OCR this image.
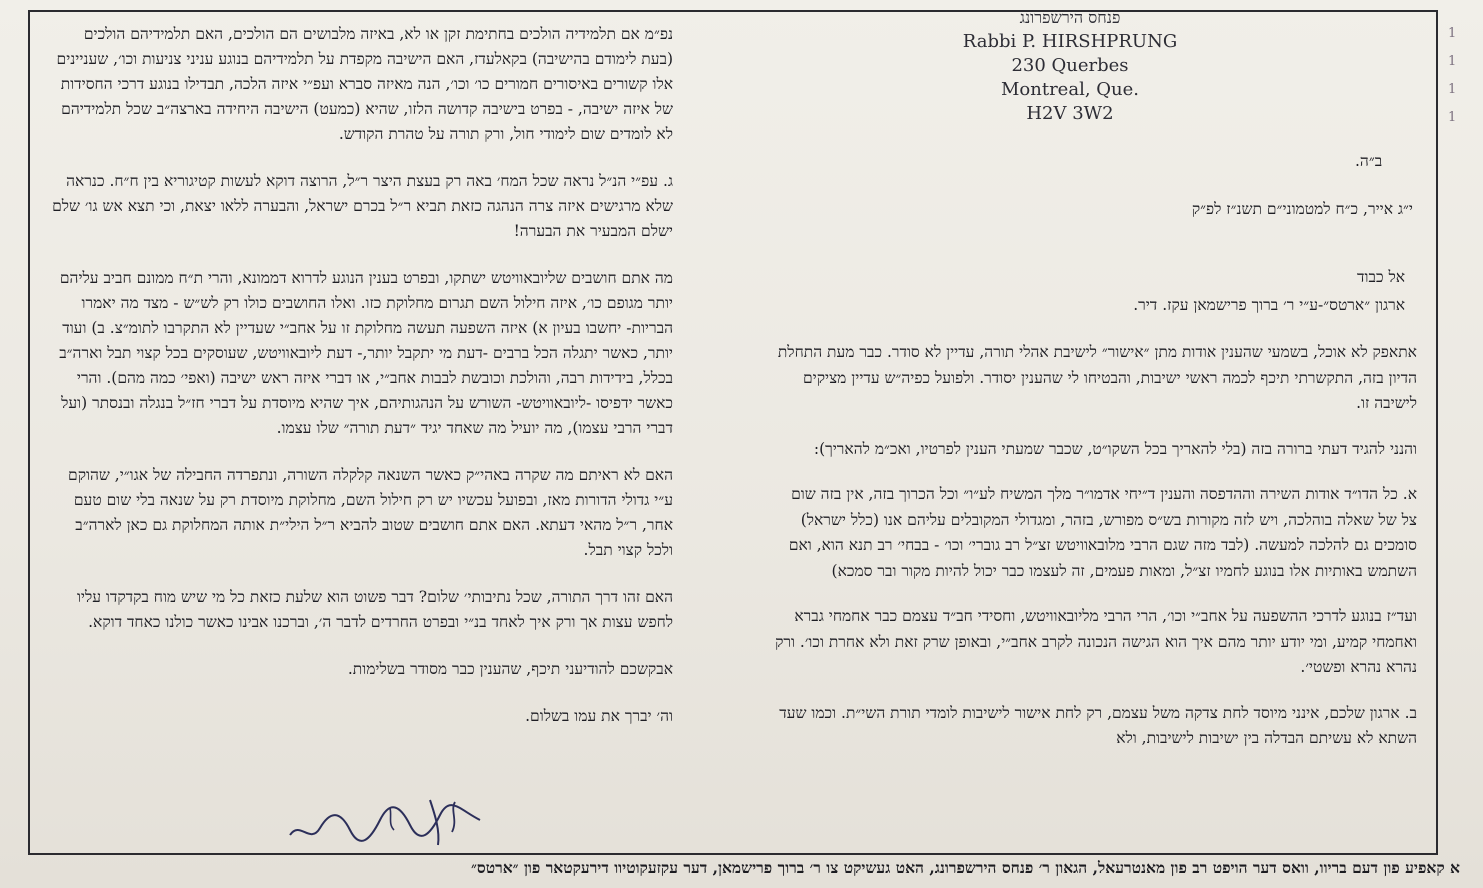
פנחס הירשפרונג
Rabbi P. HIRSHPRUNG
230 Querbes
Montreal, Que.
H2V 3W2
ב״ה.
י״ג אייר, כ״ח למטמוני״ם תשנ״ז לפ״ק
אל כבוד
ארגון ״ארטס״-ע״י ר׳ ברוך פרישמאן עקז. דיר.

אתאפק לא אוכל, בשמעי שהענין אודות מתן ״אישור״ לישיבת אהלי תורה, עדיין לא סודר. כבר מעת התחלת הדיון בזה, התקשרתי תיכף לכמה ראשי ישיבות, והבטיחו לי שהענין יסודר. ולפועל כפיה״ש עדיין מציקים לישיבה זו.

והנני להגיד דעתי ברורה בזה (בלי להאריך בכל השקו״ט, שכבר שמעתי הענין לפרטיו, ואכ״מ להאריך):

א. כל הדו״ד אודות השירה וההדפסה והענין ד״יחי אדמו״ר מלך המשיח לע״ו״ וכל הכרוך בזה, אין בזה שום צל של שאלה בוהלכה, ויש לזה מקורות בש״ס מפורש, בזהר, ומגדולי המקובלים עליהם אנו (כלל ישראל) סומכים גם להלכה למעשה. (לבד מזה שגם הרבי מלובאוויטש זצ״ל רב גוברי׳ וכו׳ - בבחי׳ רב תנא הוא, ואם השתמש באותיות אלו בנוגע לחמיו זצ״ל, ומאות פעמים, זה לעצמו כבר יכול להיות מקור ובר סמכא)

ועד״ז בנוגע לדרכי ההשפעה על אחב״י וכו׳, הרי הרבי מליובאוויטש, וחסידי חב״ד עצמם כבר אחמחי גברא ואחמחי קמיע, ומי יודע יותר מהם איך הוא הגישה הנכונה לקרב אחב״י, ובאופן שרק זאת ולא אחרת וכו׳. ורק נהרא נהרא ופשטי׳.

ב. ארגון שלכם, אינני מיוסד לחת צדקה משל עצמם, רק לחת אישור לישיבות לומדי תורת השי״ת. וכמו שעד השתא לא עשיתם הבדלה בין ישיבות לישיבות, ולא

נפ״מ אם תלמידיה הולכים בחתימת זקן או לא, באיזה מלבושים הם הולכים, האם תלמידיהם הולכים (בעת לימודם בהישיבה) בקאלעדז, האם הישיבה מקפדת על תלמידיהם בנוגע עניני צניעות וכו׳, שעניינים אלו קשורים באיסורים חמורים כו׳ וכו׳, הנה מאיזה סברא ועפ״י איזה הלכה, תבדילו בנוגע דרכי החסידות של איזה ישיבה, - בפרט בישיבה קדושה הלזו, שהיא (כמעט) הישיבה היחידה בארצה״ב שכל תלמידיהם לא לומדים שום לימודי חול, ורק תורה על טהרת הקודש.

ג. עפ״י הנ״ל נראה שכל המח׳ באה רק בעצת היצר ר״ל, הרוצה דוקא לעשות קטיגוריא בין ח״ח. כנראה שלא מרגישים איזה צרה הנהגה כזאת תביא ר״ל בכרם ישראל, והבערה ללאו יצאת, וכי תצא אש גו׳ שלם ישלם המבעיר את הבערה!

מה אתם חושבים שליובאוויטש ישתקו, ובפרט בענין הנוגע לדרוא דממונא, והרי ת״ח ממונם חביב עליהם יותר מגופם כו׳, איזה חילול השם תגרום מחלוקת כזו. ואלו החושבים כולו רק לש״ש - מצד מה יאמרו הבריות- יחשבו בעיון א) איזה השפעה תעשה מחלוקת זו על אחב״י שעדיין לא התקרבו לתומ״צ. ב) ועוד יותר, כאשר יתגלה הכל ברבים -דעת מי יתקבל יותר,- דעת ליובאוויטש, שעוסקים בכל קצוי תבל וארה״ב בכלל, בידידות רבה, והולכת וכובשת לבבות אחב״י, או דברי איזה ראש ישיבה (ואפי׳ כמה מהם). והרי כאשר ידפיסו -ליובאוויטש- השורש על הנהגותיהם, איך שהיא מיוסדת על דברי חז״ל בנגלה ובנסתר (ועל דברי הרבי עצמו), מה יועיל מה שאחד יגיד ״דעת תורה״ שלו עצמו.

האם לא ראיתם מה שקרה באהי״ק כאשר השנאה קלקלה השורה, ונתפרדה החבילה של אגו״י, שהוקם ע״י גדולי הדורות מאז, ובפועל עכשיו יש רק חילול השם, מחלוקת מיוסדת רק על שנאה בלי שום טעם אחר, ר״ל מהאי דעתא. האם אתם חושבים שטוב להביא ר״ל הילי״ת אותה המחלוקת גם כאן לארה״ב ולכל קצוי תבל.

האם זהו דרך התורה, שכל נתיבותי׳ שלום? דבר פשוט הוא שלעת כזאת כל מי שיש מוח בקדקדו עליו לחפש עצות אך ורק איך לאחד בנ״י ובפרט החרדים לדבר ה׳, וברכנו אבינו כאשר כולנו כאחד דוקא.

אבקשכם להודיעני תיכף, שהענין כבר מסודר בשלימות.

וה׳ יברך את עמו בשלום.

א קאפיע פון דעם בריוו, וואס דער הויפט רב פון מאנטרעאל, הגאון ר׳ פנחס הירשפרונג, האט געשיקט צו ר׳ ברוך פרישמאן, דער עקזעקוטיוו דירעקטאר פון ״ארטס״
1
1
1
1
